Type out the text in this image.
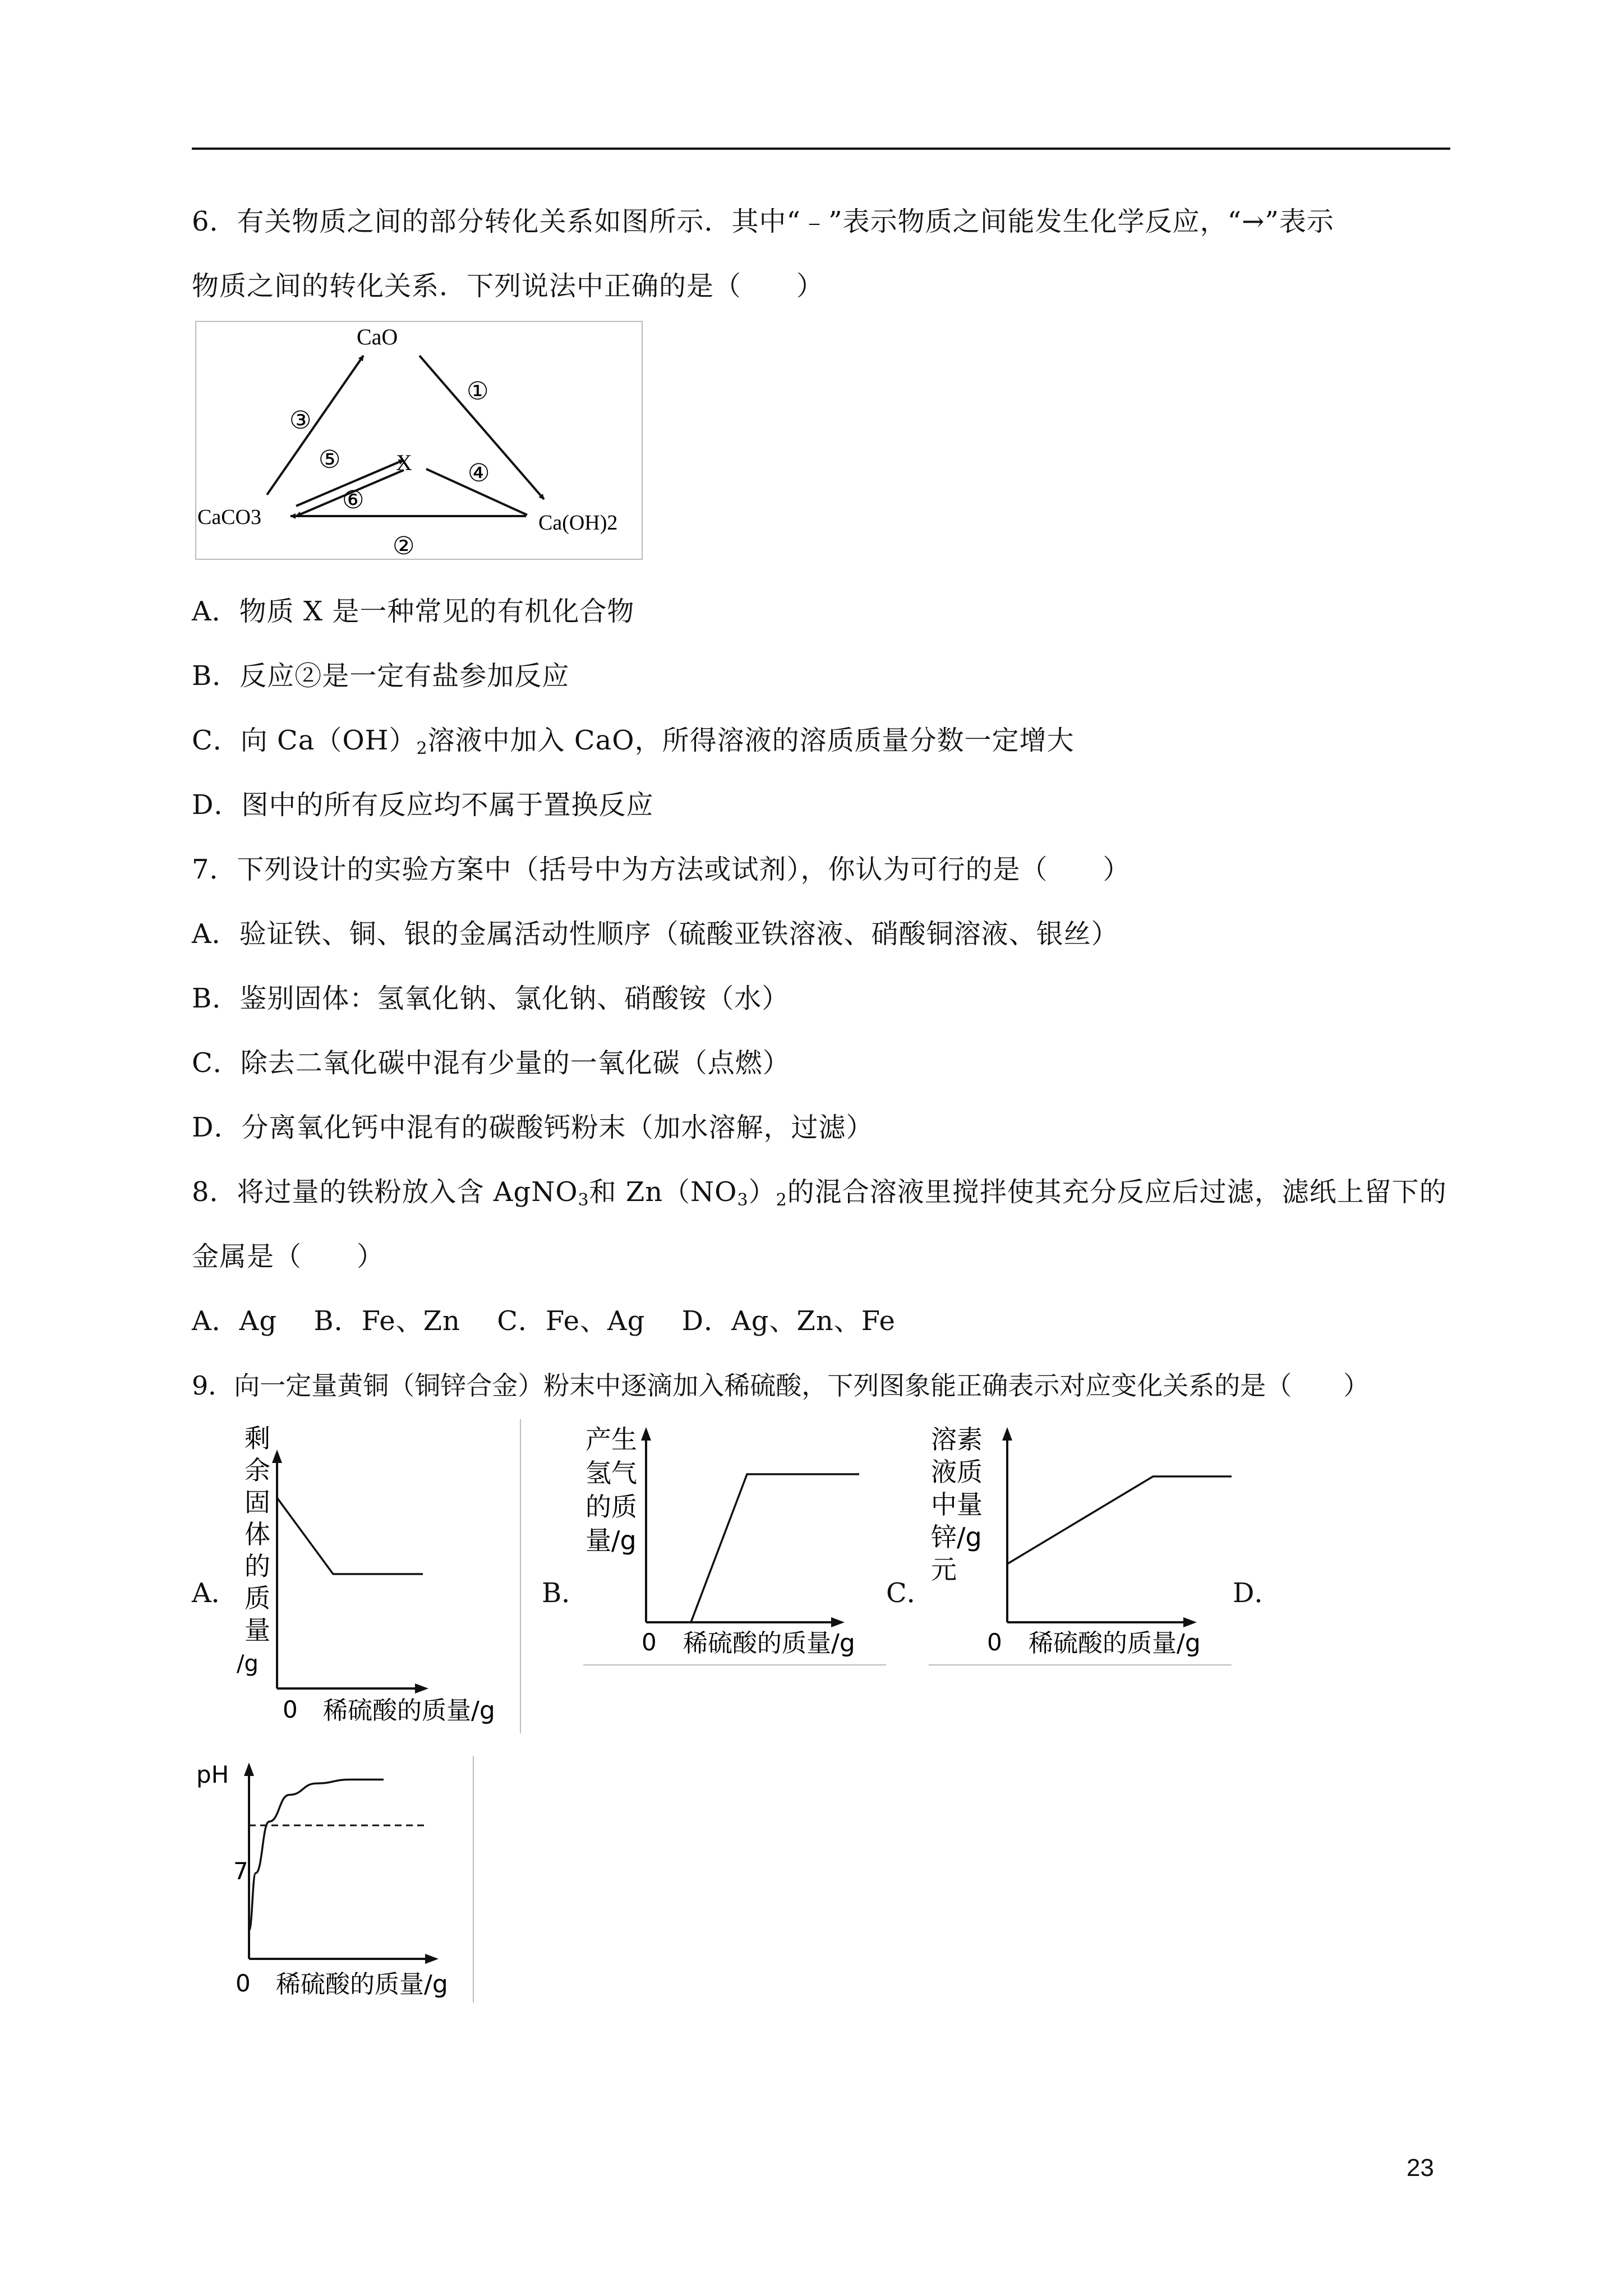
6．有关物质之间的部分转化关系如图所示．其中“﹣”表示物质之间能发生化学反应，“→”表示
物质之间的转化关系．下列说法中正确的是（　　）
CaO
X
CaCO3	Ca(OH)2
③
①
⑤
⑥
④
②
A．物质 X 是一种常见的有机化合物
B．反应②是一定有盐参加反应
C．向 $Ca(OH)_2$溶液中加入 CaO，所得溶液的溶质质量分数一定增大
D．图中的所有反应均不属于置换反应
7．下列设计的实验方案中（括号中为方法或试剂），你认为可行的是（　　）
A．验证铁、铜、银的金属活动性顺序（硫酸亚铁溶液、硝酸铜溶液、银丝）
B．鉴别固体：氢氧化钠、氯化钠、硝酸铵（水）
C．除去二氧化碳中混有少量的一氧化碳（点燃）
D．分离氧化钙中混有的碳酸钙粉末（加水溶解，过滤）
8．将过量的铁粉放入含 AgNO$_3$和 $Zn(NO_3)_2$的混合溶液里搅拌使其充分反应后过滤，滤纸上留下的
金属是（　　）
A．Ag　 B．Fe、Zn　 C．Fe、Ag　 D．Ag、Zn、Fe
9．向一定量黄铜（铜锌合金）粉末中逐滴加入稀硫酸，下列图象能正确表示对应变化关系的是（　　）
A．	B．	C．	D．
剩余固体的质量/g
0 稀硫酸的质量/g
产生氢气的质量/g
0 稀硫酸的质量/g
溶素液质中量锌/g 元
0 稀硫酸的质量/g
pH
7
0 稀硫酸的质量/g
23
